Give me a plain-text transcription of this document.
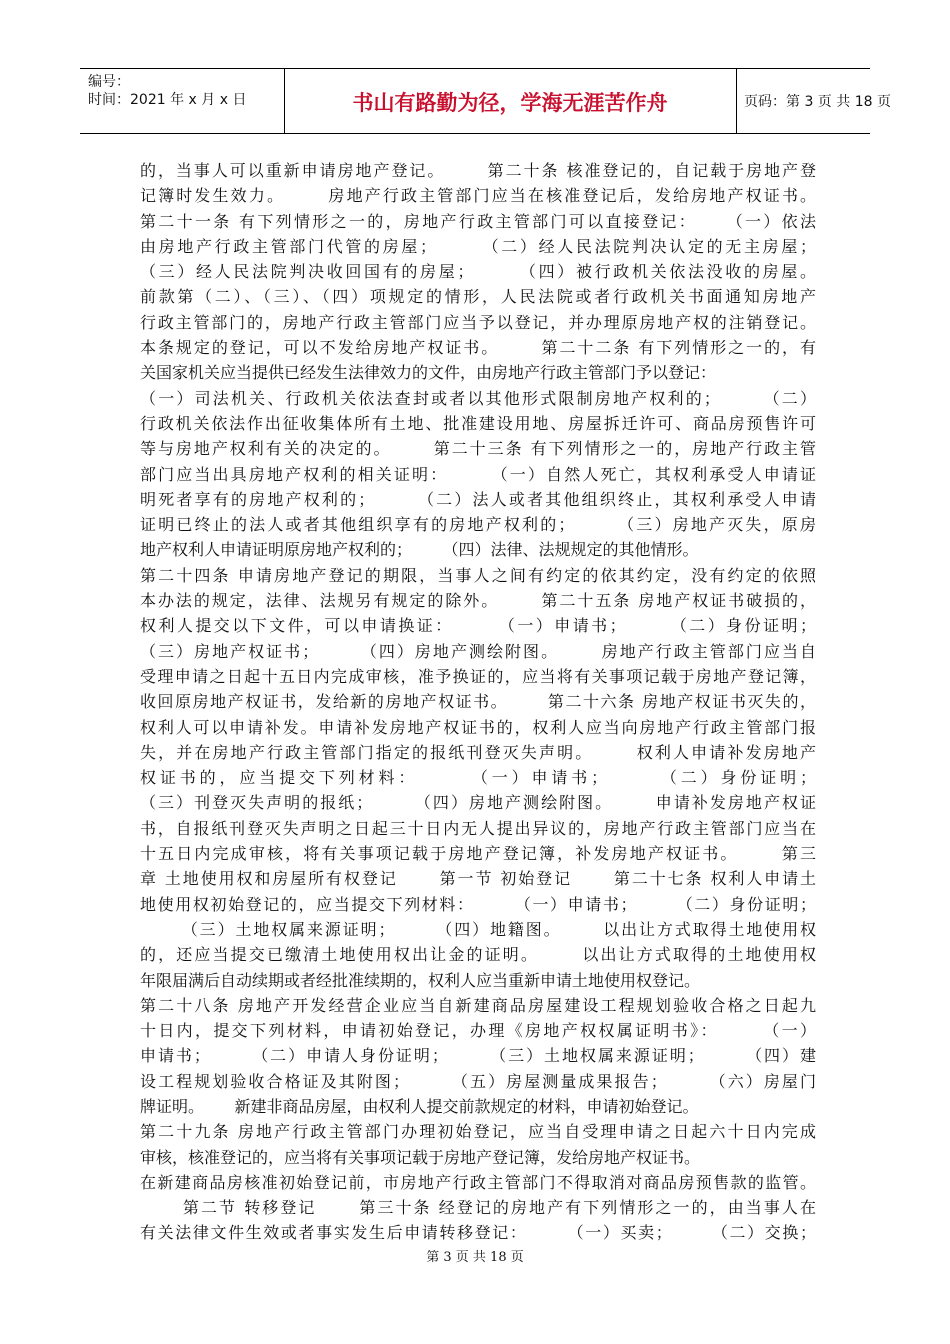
编号：
时间：2021 年 x 月 x 日	书山有路勤为径，学海无涯苦作舟	页码：第 3 页 共 18 页
的，当事人可以重新申请房地产登记。      第二十条 核准登记的，自记载于房地产登
记簿时发生效力。      房地产行政主管部门应当在核准登记后，发给房地产权证书。
第二十一条 有下列情形之一的，房地产行政主管部门可以直接登记：    （一）依法
由房地产行政主管部门代管的房屋；      （二）经人民法院判决认定的无主房屋；
（三）经人民法院判决收回国有的房屋；      （四）被行政机关依法没收的房屋。
前款第（二）、（三）、（四）项规定的情形，人民法院或者行政机关书面通知房地产
行政主管部门的，房地产行政主管部门应当予以登记，并办理原房地产权的注销登记。
本条规定的登记，可以不发给房地产权证书。      第二十二条 有下列情形之一的，有
关国家机关应当提供已经发生法律效力的文件，由房地产行政主管部门予以登记：
（一）司法机关、行政机关依法查封或者以其他形式限制房地产权利的；      （二）
行政机关依法作出征收集体所有土地、批准建设用地、房屋拆迁许可、商品房预售许可
等与房地产权利有关的决定的。      第二十三条 有下列情形之一的，房地产行政主管
部门应当出具房地产权利的相关证明：      （一）自然人死亡，其权利承受人申请证
明死者享有的房地产权利的；      （二）法人或者其他组织终止，其权利承受人申请
证明已终止的法人或者其他组织享有的房地产权利的；      （三）房地产灭失，原房
地产权利人申请证明原房地产权利的；      （四）法律、法规规定的其他情形。
第二十四条 申请房地产登记的期限，当事人之间有约定的依其约定，没有约定的依照
本办法的规定，法律、法规另有规定的除外。      第二十五条 房地产权证书破损的，
权利人提交以下文件，可以申请换证：      （一）申请书；      （二）身份证明；
（三）房地产权证书；      （四）房地产测绘附图。      房地产行政主管部门应当自
受理申请之日起十五日内完成审核，准予换证的，应当将有关事项记载于房地产登记簿，
收回原房地产权证书，发给新的房地产权证书。      第二十六条 房地产权证书灭失的，
权利人可以申请补发。申请补发房地产权证书的，权利人应当向房地产行政主管部门报
失，并在房地产行政主管部门指定的报纸刊登灭失声明。      权利人申请补发房地产
权证书的，应当提交下列材料：      （一）申请书；      （二）身份证明；
（三）刊登灭失声明的报纸；      （四）房地产测绘附图。      申请补发房地产权证
书，自报纸刊登灭失声明之日起三十日内无人提出异议的，房地产行政主管部门应当在
十五日内完成审核，将有关事项记载于房地产登记簿，补发房地产权证书。      第三
章 土地使用权和房屋所有权登记      第一节 初始登记      第二十七条 权利人申请土
地使用权初始登记的，应当提交下列材料：      （一）申请书；      （二）身份证明；
（三）土地权属来源证明；      （四）地籍图。      以出让方式取得土地使用权
的，还应当提交已缴清土地使用权出让金的证明。      以出让方式取得的土地使用权
年限届满后自动续期或者经批准续期的，权利人应当重新申请土地使用权登记。
第二十八条 房地产开发经营企业应当自新建商品房屋建设工程规划验收合格之日起九
十日内，提交下列材料，申请初始登记，办理《房地产权权属证明书》：      （一）
申请书；      （二）申请人身份证明；      （三）土地权属来源证明；      （四）建
设工程规划验收合格证及其附图；      （五）房屋测量成果报告；      （六）房屋门
牌证明。      新建非商品房屋，由权利人提交前款规定的材料，申请初始登记。
第二十九条 房地产行政主管部门办理初始登记，应当自受理申请之日起六十日内完成
审核，核准登记的，应当将有关事项记载于房地产登记簿，发给房地产权证书。
在新建商品房核准初始登记前，市房地产行政主管部门不得取消对商品房预售款的监管。
第二节 转移登记      第三十条 经登记的房地产有下列情形之一的，由当事人在
有关法律文件生效或者事实发生后申请转移登记：      （一）买卖；      （二）交换；
第 3 页 共 18 页
